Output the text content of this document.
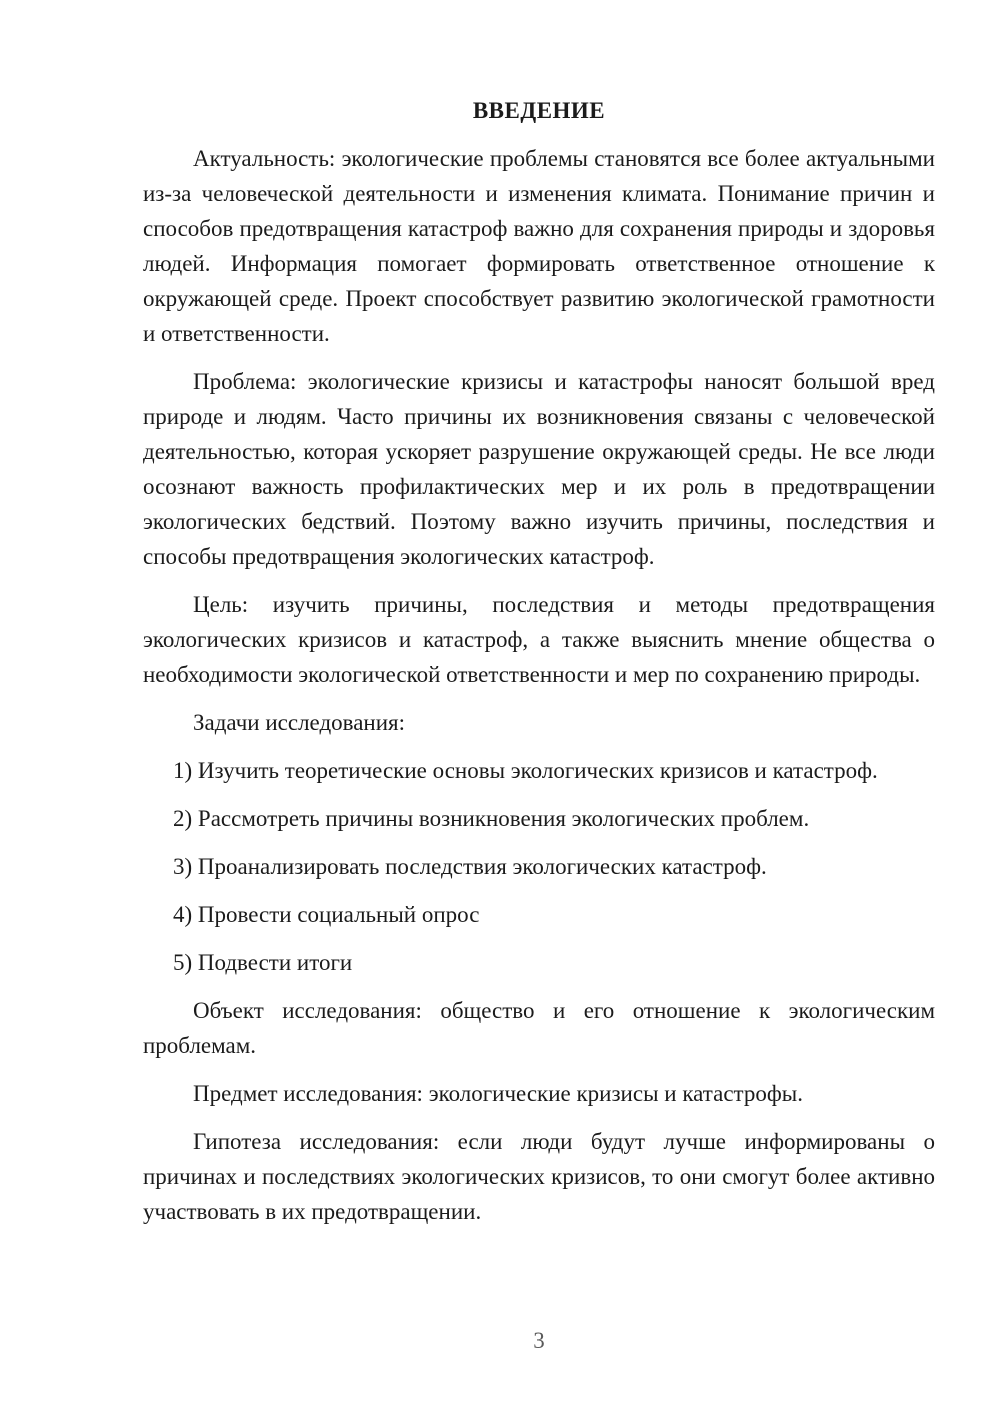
ВВЕДЕНИЕ

Актуальность: экологические проблемы становятся все более актуальными из-за человеческой деятельности и изменения климата. Понимание причин и способов предотвращения катастроф важно для сохранения природы и здоровья людей. Информация помогает формировать ответственное отношение к окружающей среде. Проект способствует развитию экологической грамотности и ответственности.

Проблема: экологические кризисы и катастрофы наносят большой вред природе и людям. Часто причины их возникновения связаны с человеческой деятельностью, которая ускоряет разрушение окружающей среды. Не все люди осознают важность профилактических мер и их роль в предотвращении экологических бедствий. Поэтому важно изучить причины, последствия и способы предотвращения экологических катастроф.

Цель: изучить причины, последствия и методы предотвращения экологических кризисов и катастроф, а также выяснить мнение общества о необходимости экологической ответственности и мер по сохранению природы.

Задачи исследования:

1) Изучить теоретические основы экологических кризисов и катастроф.

2) Рассмотреть причины возникновения экологических проблем.

3) Проанализировать последствия экологических катастроф.

4) Провести социальный опрос

5) Подвести итоги

Объект исследования: общество и его отношение к экологическим проблемам.

Предмет исследования: экологические кризисы и катастрофы.

Гипотеза исследования: если люди будут лучше информированы о причинах и последствиях экологических кризисов, то они смогут более активно участвовать в их предотвращении.

3
